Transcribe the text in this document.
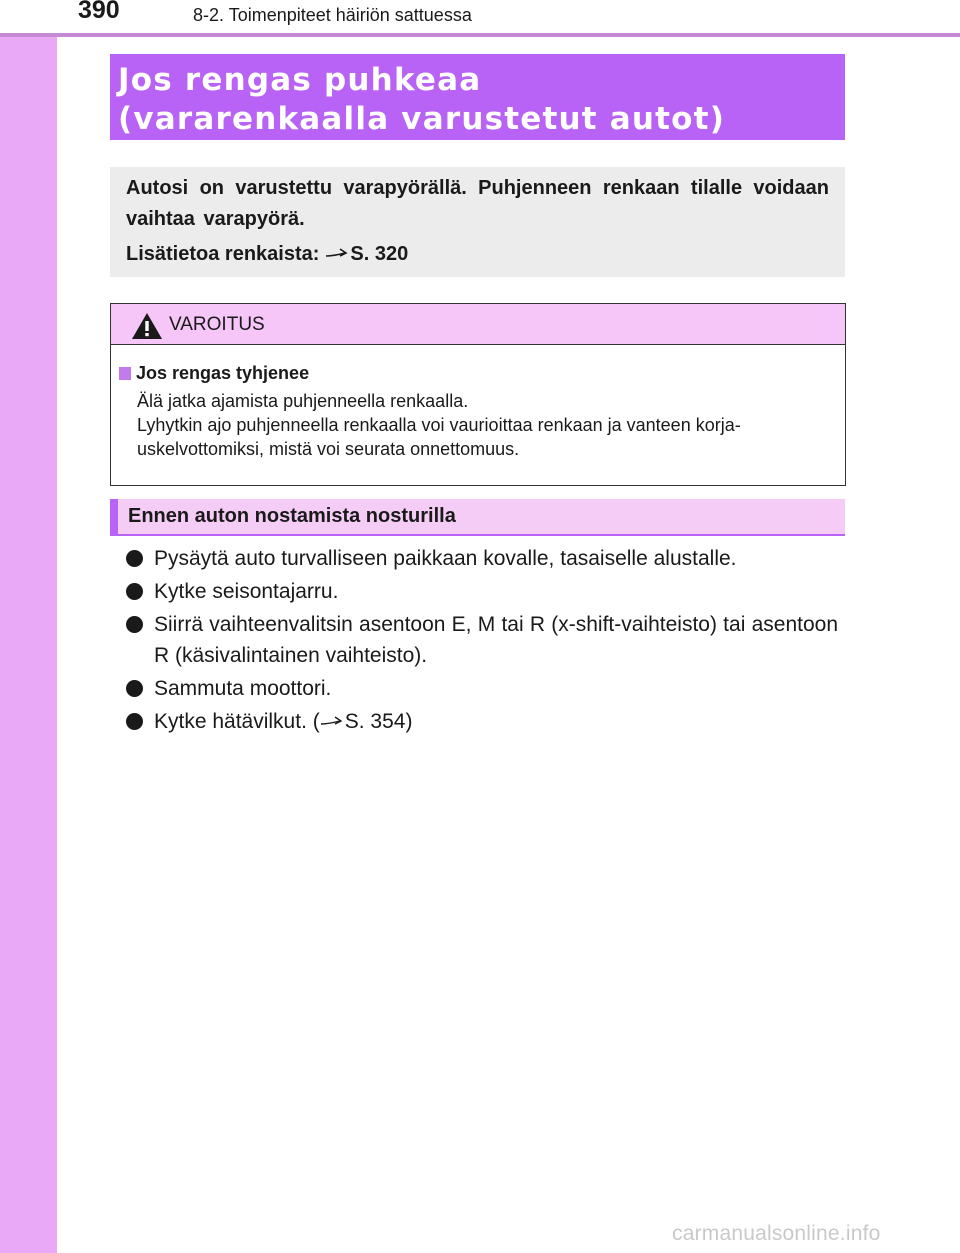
390	8-2. Toimenpiteet häiriön sattuessa
Jos rengas puhkeaa
(vararenkaalla varustetut autot)

Autosi on varustettu varapyörällä. Puhjenneen renkaan tilalle voidaan vaihtaa varapyörä.

Lisätietoa renkaista: S. 320

VAROITUS
Jos rengas tyhjenee
Älä jatka ajamista puhjenneella renkaalla.
Lyhytkin ajo puhjenneella renkaalla voi vaurioittaa renkaan ja vanteen korja-uskelvottomiksi, mistä voi seurata onnettomuus.
Ennen auton nostamista nosturilla
Pysäytä auto turvalliseen paikkaan kovalle, tasaiselle alustalle.
Kytke seisontajarru.
Siirrä vaihteenvalitsin asentoon E, M tai R (x-shift-vaihteisto) tai asentoon R (käsivalintainen vaihteisto).
Sammuta moottori.
Kytke hätävilkut. ( S. 354)
carmanualsonline.info
